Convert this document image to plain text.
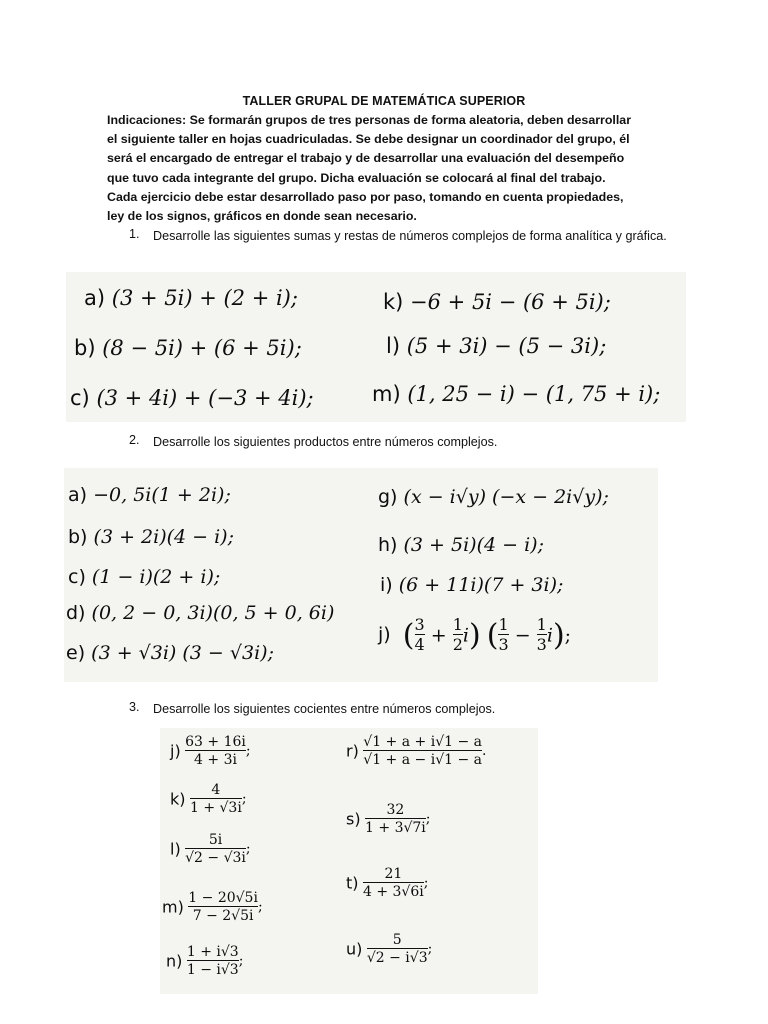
TALLER GRUPAL DE MATEMÁTICA SUPERIOR
Indicaciones: Se formarán grupos de tres personas de forma aleatoria, deben desarrollar
el siguiente taller en hojas cuadriculadas. Se debe designar un coordinador del grupo, él
será el encargado de entregar el trabajo y de desarrollar una evaluación del desempeño
que tuvo cada integrante del grupo. Dicha evaluación se colocará al final del trabajo.
Cada ejercicio debe estar desarrollado paso por paso, tomando en cuenta propiedades,
ley de los signos, gráficos en donde sean necesario.
1. Desarrolle las siguientes sumas y restas de números complejos de forma analítica y gráfica.
a) (3 + 5i) + (2 + i);
b) (8 − 5i) + (6 + 5i);
c) (3 + 4i) + (−3 + 4i);
k) −6 + 5i − (6 + 5i);
l) (5 + 3i) − (5 − 3i);
m) (1, 25 − i) − (1, 75 + i);
2. Desarrolle los siguientes productos entre números complejos.
a) −0, 5i(1 + 2i);
b) (3 + 2i)(4 − i);
c) (1 − i)(2 + i);
d) (0, 2 − 0, 3i)(0, 5 + 0, 6i)
e) (3 + √3i) (3 − √3i);
g) (x − i√y) (−x − 2i√y);
h) (3 + 5i)(4 − i);
i) (6 + 11i)(7 + 3i);
j) ( $\frac{3}{4} + \frac{1}{2} i$) ( $\frac{1}{3} - \frac{1}{3} i$);
3. Desarrolle los siguientes cocientes entre números complejos.
$j) \frac{63 + 16i}{4 + 3i}$ ;
$k) \frac{4}{1 + √3i}$ ;
$l) \frac{5i}{√2 - √3i}$ ;
$m) \frac{1 - 20√5i}{7 - 2√5i}$ ;
$n) \frac{1 + i√3}{1 - i√3}$ ;
$r) \frac{√1 + a + i√1 - a}{√1 + a - i√1 - a}$ .
$s) \frac{32}{1 + 3√7i}$ ;
$t) \frac{21}{4 + 3√6i}$ ;
$u) \frac{5}{√2 - i√3}$ ;
